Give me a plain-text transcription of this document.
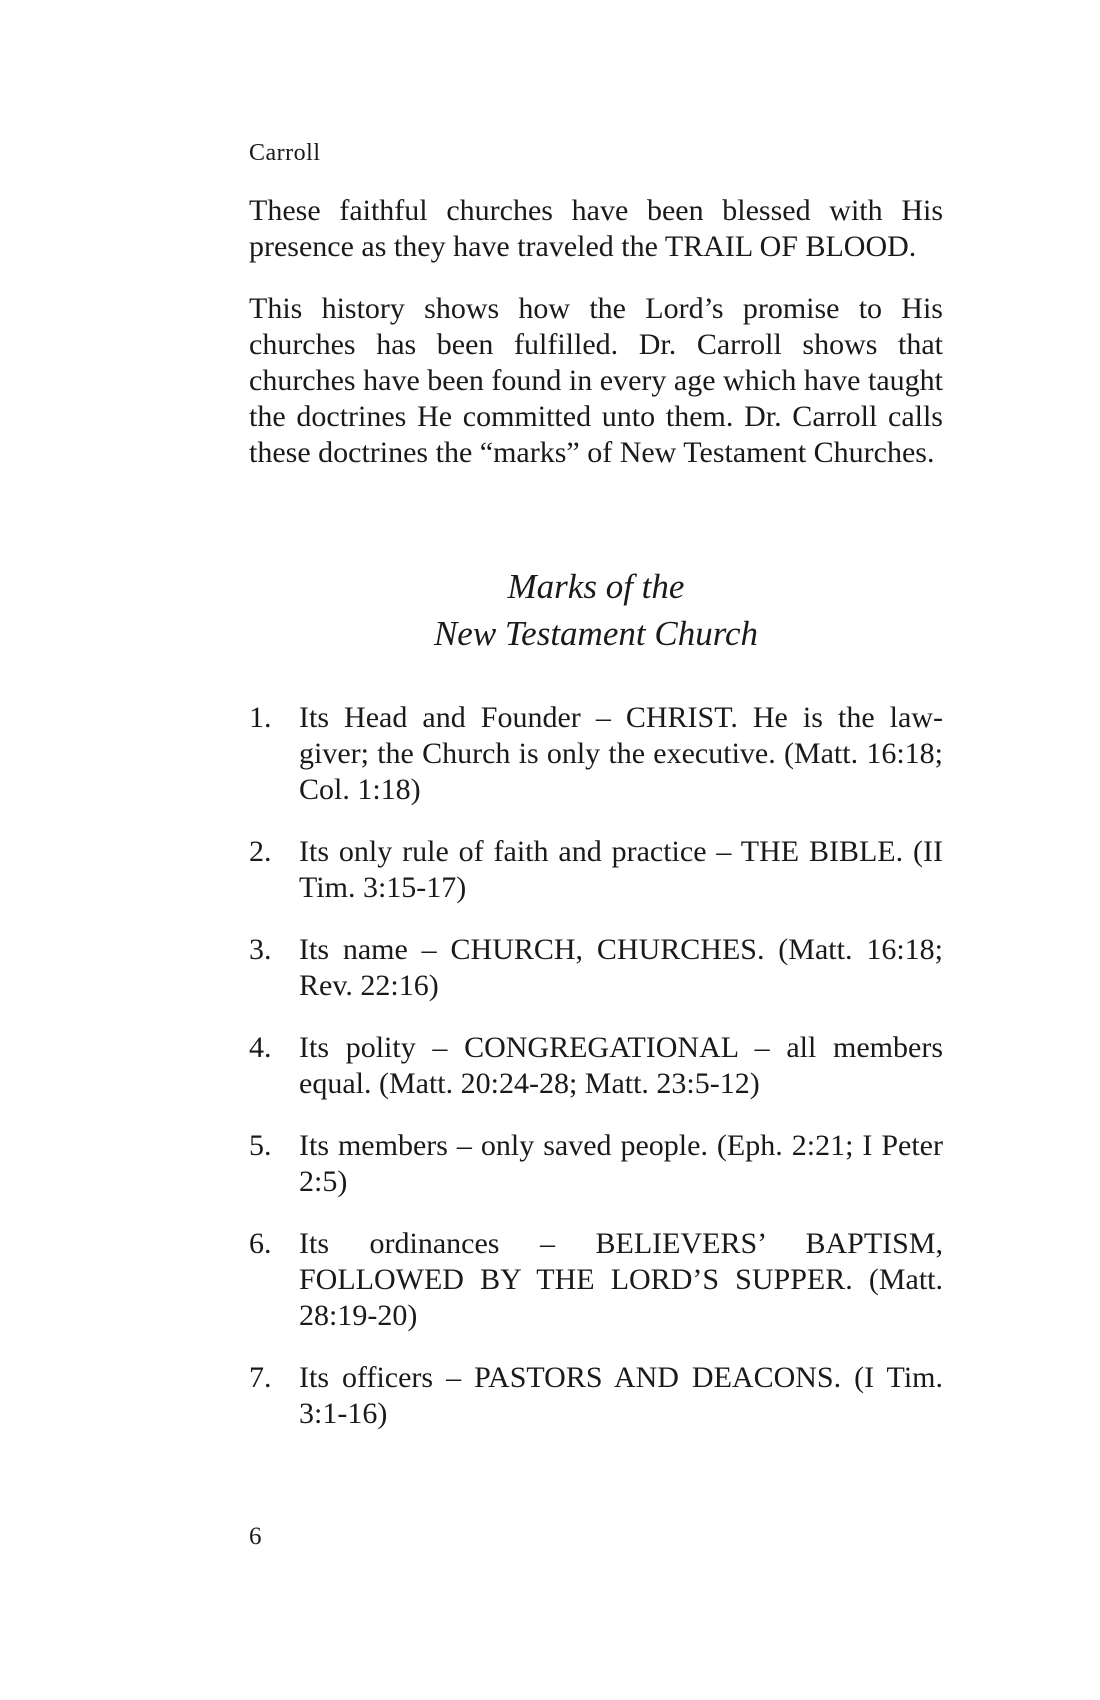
Carroll

These faithful churches have been blessed with His presence as they have traveled the TRAIL OF BLOOD.

This history shows how the Lord’s promise to His churches has been fulfilled. Dr. Carroll shows that churches have been found in every age which have taught the doctrines He committed unto them. Dr. Carroll calls these doctrines the “marks” of New Testament Churches.

Marks of the
New Testament Church
1. Its Head and Founder – CHRIST. He is the law-giver; the Church is only the executive. (Matt. 16:18; Col. 1:18)
2. Its only rule of faith and practice – THE BIBLE. (II Tim. 3:15-17)
3. Its name – CHURCH, CHURCHES. (Matt. 16:18; Rev. 22:16)
4. Its polity – CONGREGATIONAL – all members equal. (Matt. 20:24-28; Matt. 23:5-12)
5. Its members – only saved people. (Eph. 2:21; I Peter 2:5)
6. Its ordinances – BELIEVERS’ BAPTISM, FOLLOWED BY THE LORD’S SUPPER. (Matt. 28:19-20)
7. Its officers – PASTORS AND DEACONS. (I Tim. 3:1-16)
6
